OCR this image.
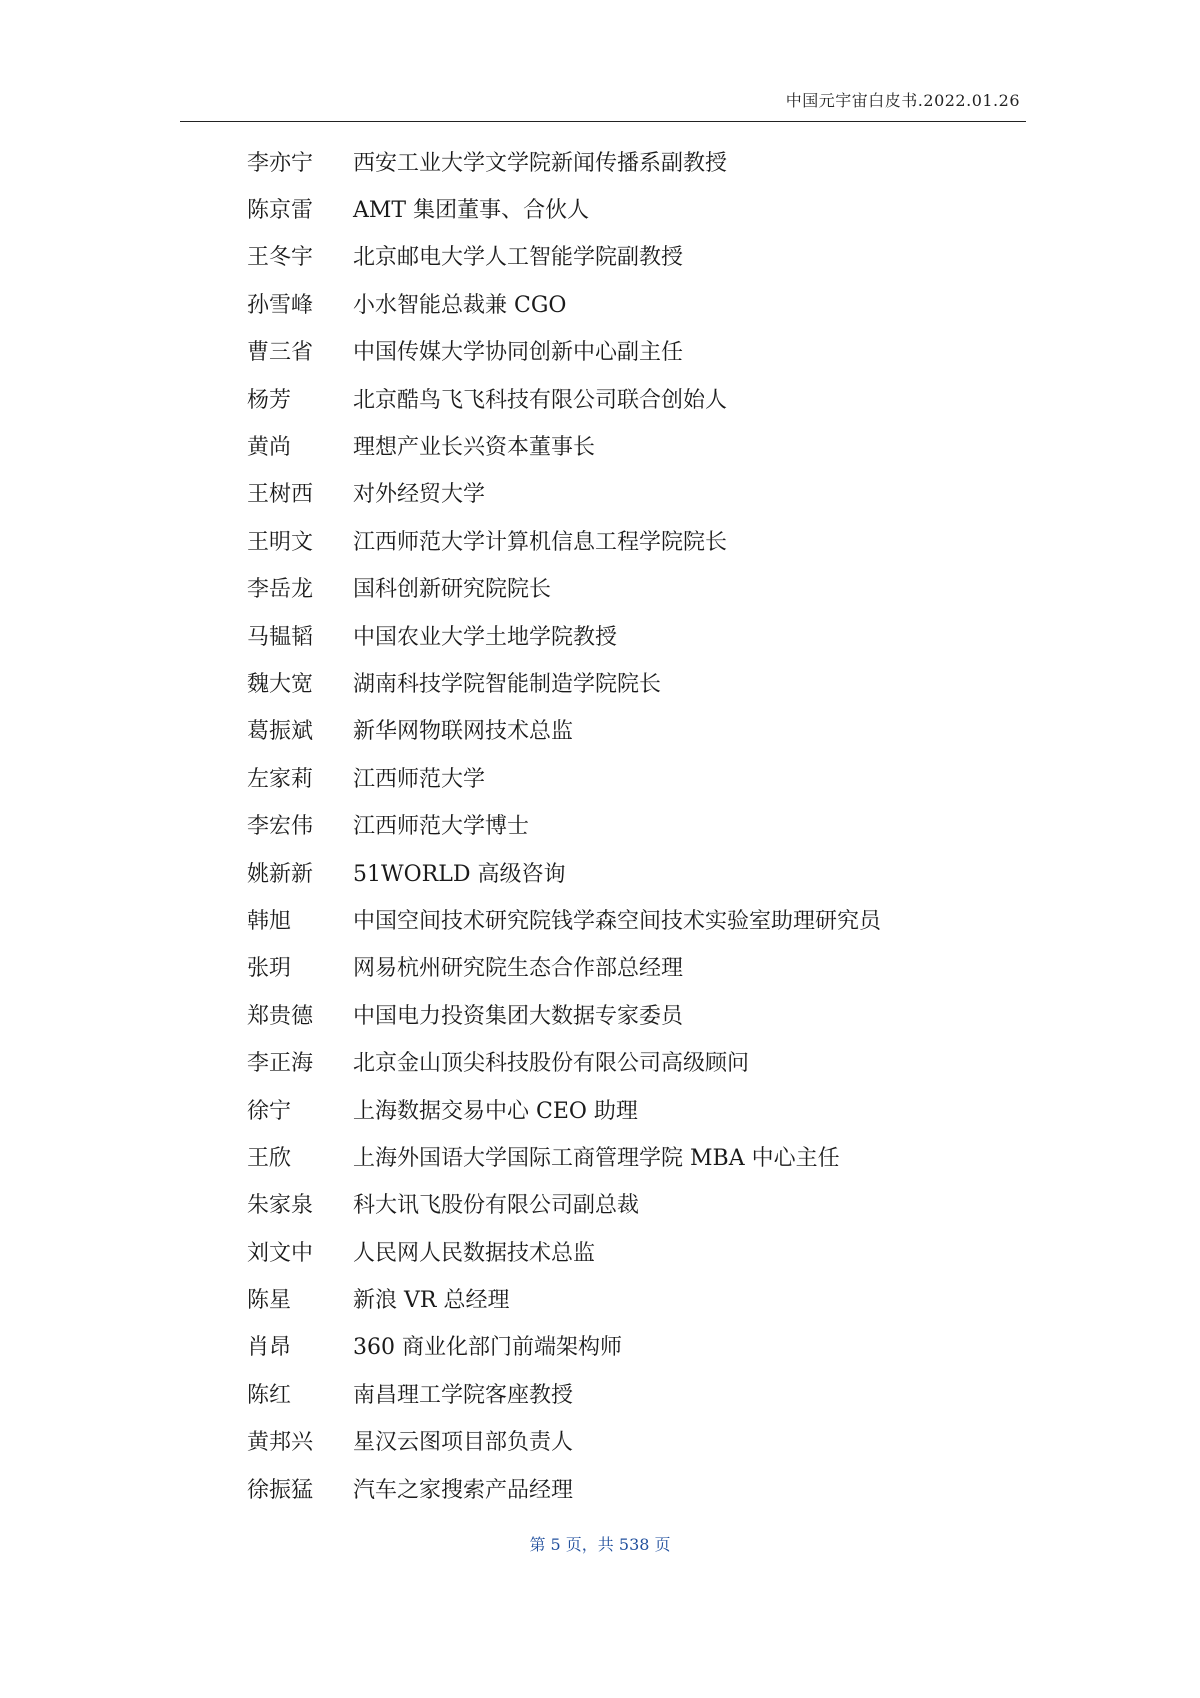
中国元宇宙白皮书.2022.01.26
李亦宁	西安工业大学文学院新闻传播系副教授
陈京雷	AMT 集团董事、合伙人
王冬宇	北京邮电大学人工智能学院副教授
孙雪峰	小水智能总裁兼 CGO
曹三省	中国传媒大学协同创新中心副主任
杨芳	北京酷鸟飞飞科技有限公司联合创始人
黄尚	理想产业长兴资本董事长
王树西	对外经贸大学
王明文	江西师范大学计算机信息工程学院院长
李岳龙	国科创新研究院院长
马韫韬	中国农业大学土地学院教授
魏大宽	湖南科技学院智能制造学院院长
葛振斌	新华网物联网技术总监
左家莉	江西师范大学
李宏伟	江西师范大学博士
姚新新	51WORLD 高级咨询
韩旭	中国空间技术研究院钱学森空间技术实验室助理研究员
张玥	网易杭州研究院生态合作部总经理
郑贵德	中国电力投资集团大数据专家委员
李正海	北京金山顶尖科技股份有限公司高级顾问
徐宁	上海数据交易中心 CEO 助理
王欣	上海外国语大学国际工商管理学院 MBA 中心主任
朱家泉	科大讯飞股份有限公司副总裁
刘文中	人民网人民数据技术总监
陈星	新浪 VR 总经理
肖昂	360 商业化部门前端架构师
陈红	南昌理工学院客座教授
黄邦兴	星汉云图项目部负责人
徐振猛	汽车之家搜索产品经理
第 5 页，共 538 页
